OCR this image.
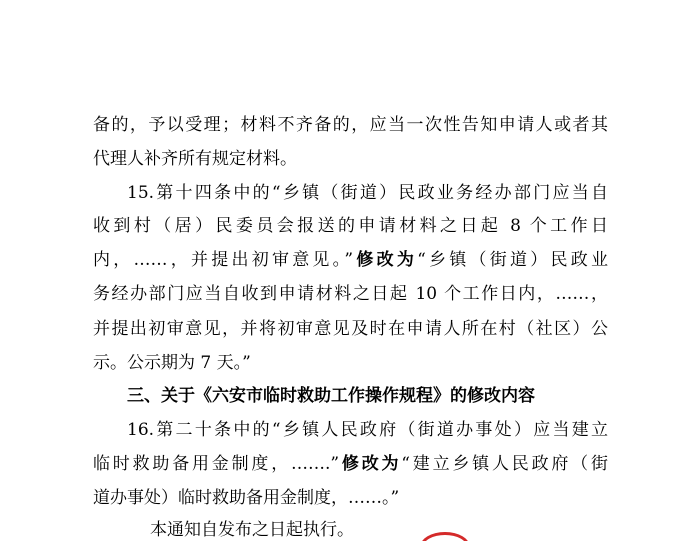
备的，予以受理；材料不齐备的，应当一次性告知申请人或者其
代理人补齐所有规定材料。
15.第十四条中的“乡镇（街道）民政业务经办部门应当自
收到村（居）民委员会报送的申请材料之日起 8 个工作日
内，……，并提出初审意见。”修改为“乡镇（街道）民政业
务经办部门应当自收到申请材料之日起 10 个工作日内，……，
并提出初审意见，并将初审意见及时在申请人所在村（社区）公
示。公示期为 7 天。”
三、关于《六安市临时救助工作操作规程》的修改内容
16.第二十条中的“乡镇人民政府（街道办事处）应当建立
临时救助备用金制度，…….”修改为“建立乡镇人民政府（街
道办事处）临时救助备用金制度，……。”
本通知自发布之日起执行。
